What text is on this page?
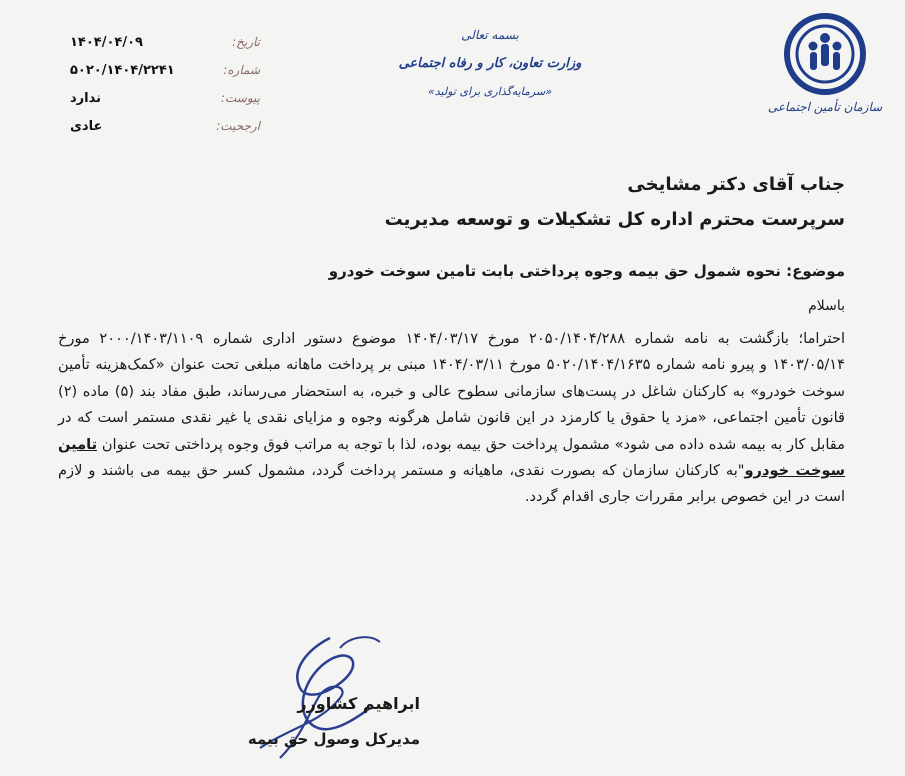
سازمان تأمین اجتماعی
بسمه تعالی
وزارت تعاون، کار و رفاه اجتماعی
«سرمایه‌گذاری برای تولید»
تاریخ:
۱۴۰۴/۰۴/۰۹
شماره:
۵۰۲۰/۱۴۰۴/۲۲۴۱
پیوست:
ندارد
ارجحیت:
عادی
جناب آقای دکتر مشایخی
سرپرست محترم اداره کل تشکیلات و توسعه مدیریت
موضوع: نحوه شمول حق بیمه وجوه پرداختی بابت تامین سوخت خودرو
باسلام
احتراما؛ بازگشت به نامه شماره ۲۰۵۰/۱۴۰۴/۲۸۸ مورخ ۱۴۰۴/۰۳/۱۷ موضوع دستور اداری شماره ۲۰۰۰/۱۴۰۳/۱۱۰۹ مورخ ۱۴۰۳/۰۵/۱۴ و پیرو نامه شماره ۵۰۲۰/۱۴۰۴/۱۶۳۵ مورخ ۱۴۰۴/۰۳/۱۱ مبنی بر پرداخت ماهانه مبلغی تحت عنوان «کمک‌هزینه تأمین سوخت خودرو» به کارکنان شاغل در پست‌های سازمانی سطوح عالی و خبره، به استحضار می‌رساند، طبق مفاد بند (۵) ماده (۲) قانون تأمین اجتماعی، «مزد یا حقوق یا کارمزد در این قانون شامل هرگونه وجوه و مزایای نقدی یا غیر نقدی مستمر است که در مقابل کار به بیمه شده داده می شود» مشمول پرداخت حق بیمه بوده، لذا با توجه به مراتب فوق وجوه پرداختی تحت عنوان تامین سوخت خودرو"به کارکنان سازمان که بصورت نقدی، ماهیانه و مستمر پرداخت گردد، مشمول کسر حق بیمه می باشند و لازم است در این خصوص برابر مقررات جاری اقدام گردد.
ابراهیم کشاورز
مدیرکل وصول حق بیمه
